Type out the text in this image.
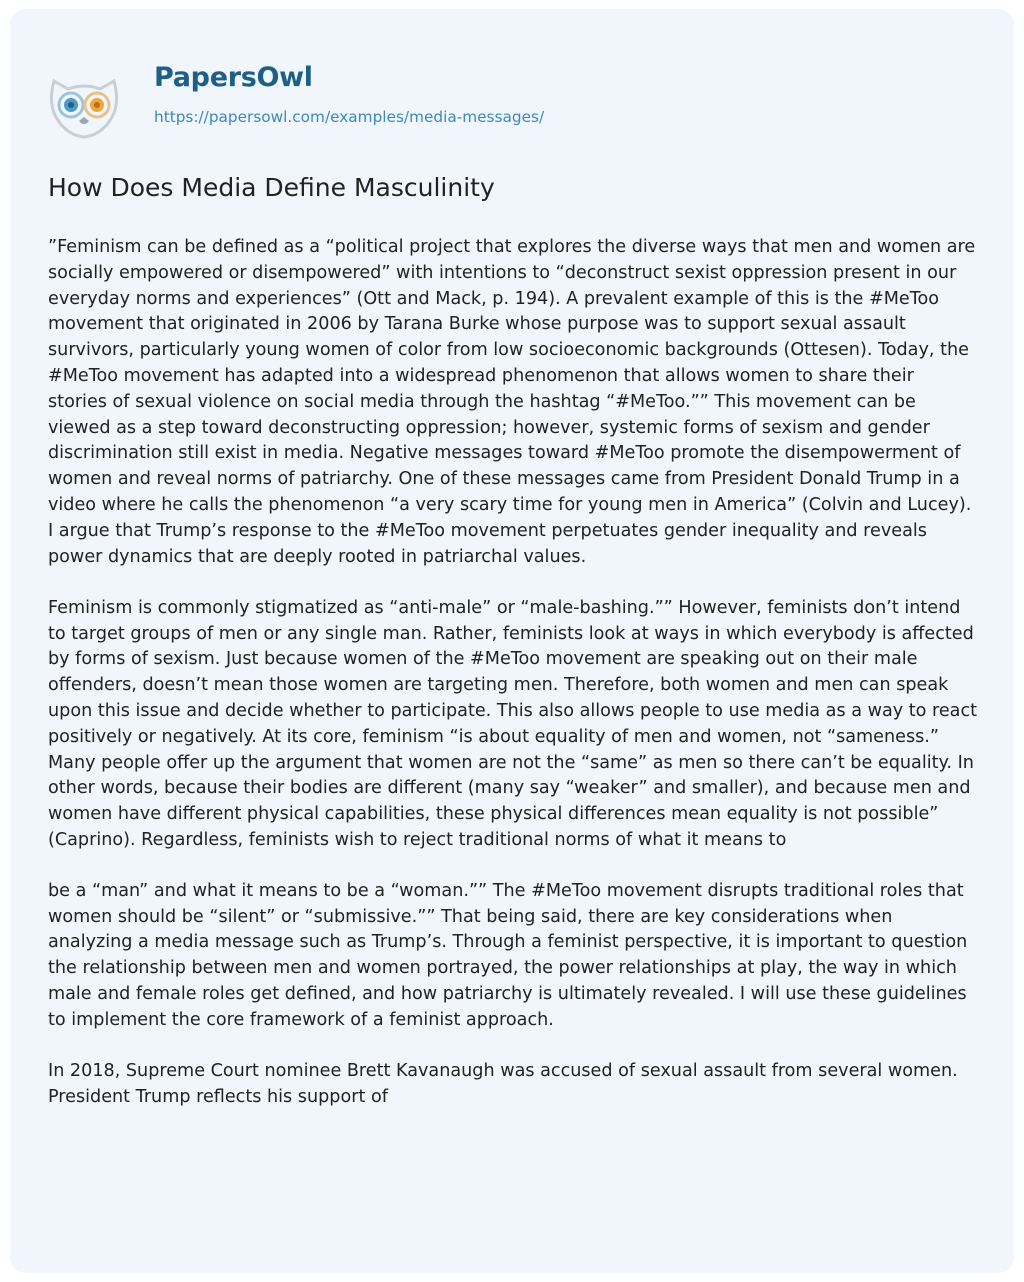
PapersOwl
https://papersowl.com/examples/media-messages/
How Does Media Define Masculinity

”Feminism can be defined as a “political project that explores the diverse ways that men and women are socially empowered or disempowered” with intentions to “deconstruct sexist oppression present in our everyday norms and experiences” (Ott and Mack, p. 194). A prevalent example of this is the #MeToo movement that originated in 2006 by Tarana Burke whose purpose was to support sexual assault survivors, particularly young women of color from low socioeconomic backgrounds (Ottesen). Today, the #MeToo movement has adapted into a widespread phenomenon that allows women to share their stories of sexual violence on social media through the hashtag “#MeToo.”” This movement can be viewed as a step toward deconstructing oppression; however, systemic forms of sexism and gender discrimination still exist in media. Negative messages toward #MeToo promote the disempowerment of women and reveal norms of patriarchy. One of these messages came from President Donald Trump in a video where he calls the phenomenon “a very scary time for young men in America” (Colvin and Lucey). I argue that Trump’s response to the #MeToo movement perpetuates gender inequality and reveals power dynamics that are deeply rooted in patriarchal values.

Feminism is commonly stigmatized as “anti-male” or “male-bashing.”” However, feminists don’t intend to target groups of men or any single man. Rather, feminists look at ways in which everybody is affected by forms of sexism. Just because women of the #MeToo movement are speaking out on their male offenders, doesn’t mean those women are targeting men. Therefore, both women and men can speak upon this issue and decide whether to participate. This also allows people to use media as a way to react positively or negatively. At its core, feminism “is about equality of men and women, not “sameness.” Many people offer up the argument that women are not the “same” as men so there can’t be equality. In other words, because their bodies are different (many say “weaker” and smaller), and because men and women have different physical capabilities, these physical differences mean equality is not possible” (Caprino). Regardless, feminists wish to reject traditional norms of what it means to

be a “man” and what it means to be a “woman.”” The #MeToo movement disrupts traditional roles that women should be “silent” or “submissive.”” That being said, there are key considerations when analyzing a media message such as Trump’s. Through a feminist perspective, it is important to question the relationship between men and women portrayed, the power relationships at play, the way in which male and female roles get defined, and how patriarchy is ultimately revealed. I will use these guidelines to implement the core framework of a feminist approach.

In 2018, Supreme Court nominee Brett Kavanaugh was accused of sexual assault from several women. President Trump reflects his support of
